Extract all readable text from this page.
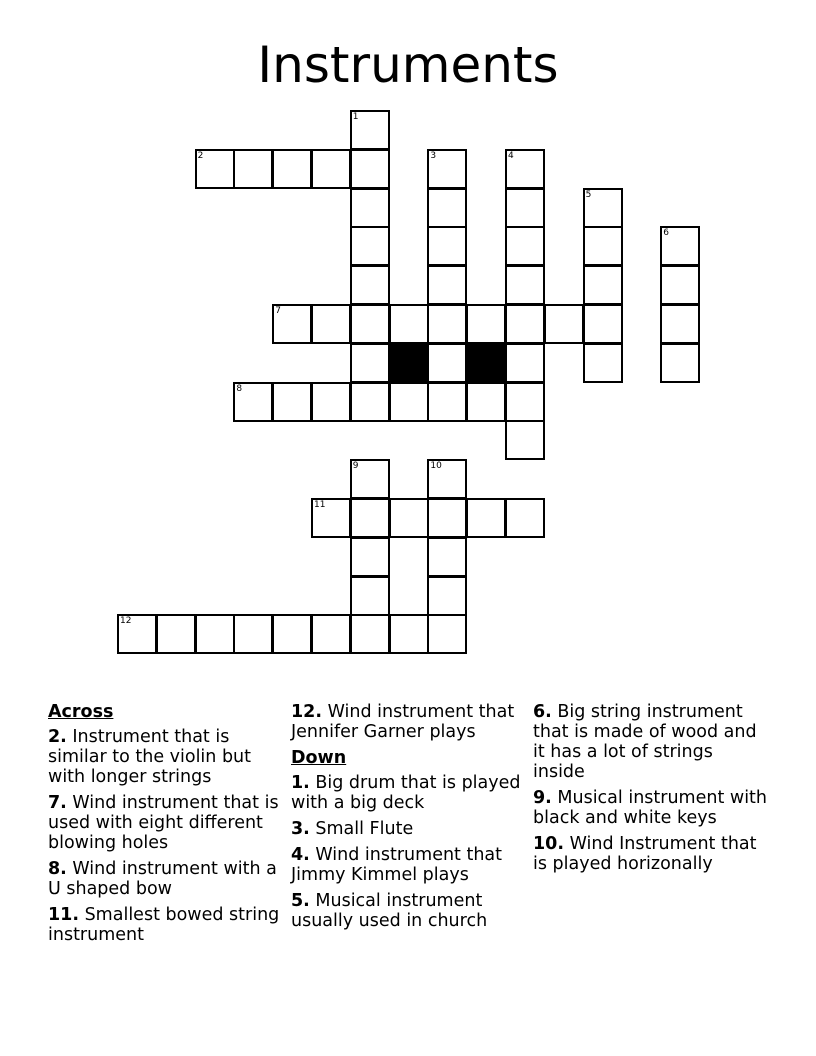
Instruments
1
2	3	4
5
6
7
8
9	10
11
12
Across
2. Instrument that is similar to the violin but with longer strings
7. Wind instrument that is used with eight different blowing holes
8. Wind instrument with a U shaped bow
11. Smallest bowed string instrument
12. Wind instrument that Jennifer Garner plays
Down
1. Big drum that is played with a big deck
3. Small Flute
4. Wind instrument that Jimmy Kimmel plays
5. Musical instrument usually used in church
6. Big string instrument that is made of wood and it has a lot of strings inside
9. Musical instrument with black and white keys
10. Wind Instrument that is played horizonally
